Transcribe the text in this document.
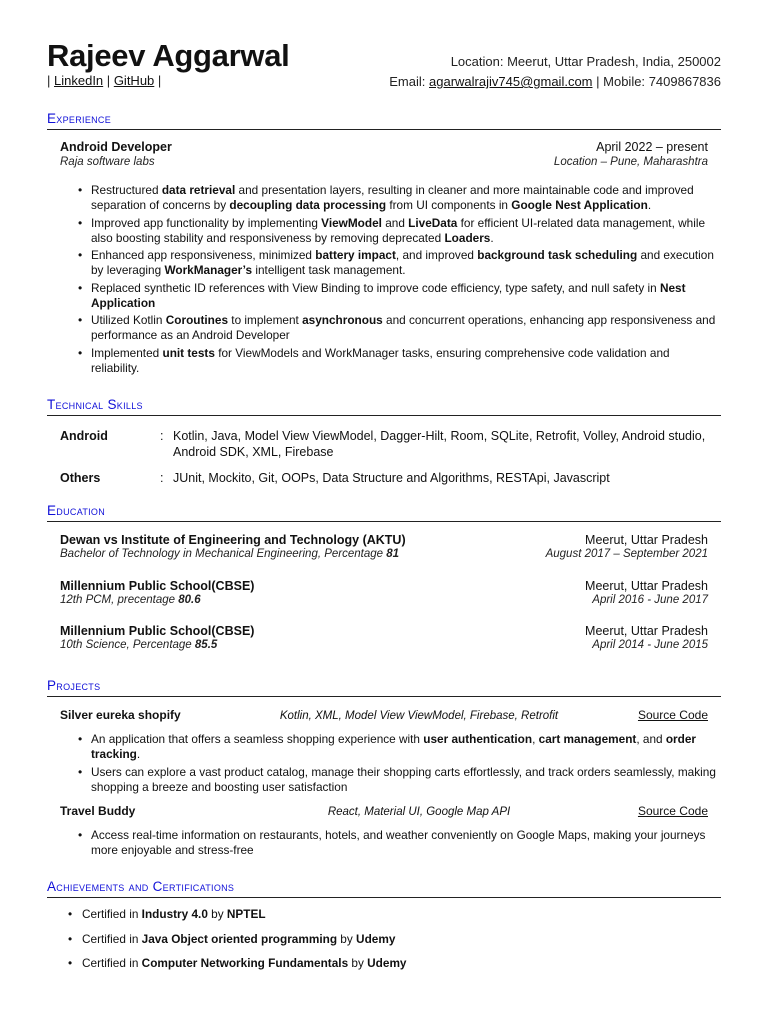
Rajeev Aggarwal
| LinkedIn | GitHub |
Location: Meerut, Uttar Pradesh, India, 250002
Email: agarwalrajiv745@gmail.com | Mobile: 7409867836
Experience
Android Developer	April 2022 – present
Raja software labs	Location – Pune, Maharashtra
• Restructured data retrieval and presentation layers, resulting in cleaner and more maintainable code and improved separation of concerns by decoupling data processing from UI components in Google Nest Application.
• Improved app functionality by implementing ViewModel and LiveData for efficient UI-related data management, while also boosting stability and responsiveness by removing deprecated Loaders.
• Enhanced app responsiveness, minimized battery impact, and improved background task scheduling and execution by leveraging WorkManager’s intelligent task management.
• Replaced synthetic ID references with View Binding to improve code efficiency, type safety, and null safety in Nest Application
• Utilized Kotlin Coroutines to implement asynchronous and concurrent operations, enhancing app responsiveness and performance as an Android Developer
• Implemented unit tests for ViewModels and WorkManager tasks, ensuring comprehensive code validation and reliability.
Technical Skills
Android	: Kotlin, Java, Model View ViewModel, Dagger-Hilt, Room, SQLite, Retrofit, Volley, Android studio, Android SDK, XML, Firebase
Others	: JUnit, Mockito, Git, OOPs, Data Structure and Algorithms, RESTApi, Javascript
Education
Dewan vs Institute of Engineering and Technology (AKTU)	Meerut, Uttar Pradesh
Bachelor of Technology in Mechanical Engineering, Percentage 81	August 2017 – September 2021
Millennium Public School(CBSE)	Meerut, Uttar Pradesh
12th PCM, precentage 80.6	April 2016 - June 2017
Millennium Public School(CBSE)	Meerut, Uttar Pradesh
10th Science, Percentage 85.5	April 2014 - June 2015
Projects
Silver eureka shopify	Kotlin, XML, Model View ViewModel, Firebase, Retrofit	Source Code
• An application that offers a seamless shopping experience with user authentication, cart management, and order tracking.
• Users can explore a vast product catalog, manage their shopping carts effortlessly, and track orders seamlessly, making shopping a breeze and boosting user satisfaction
Travel Buddy	React, Material UI, Google Map API	Source Code
• Access real-time information on restaurants, hotels, and weather conveniently on Google Maps, making your journeys more enjoyable and stress-free
Achievements and Certifications
• Certified in Industry 4.0 by NPTEL
• Certified in Java Object oriented programming by Udemy
• Certified in Computer Networking Fundamentals by Udemy
